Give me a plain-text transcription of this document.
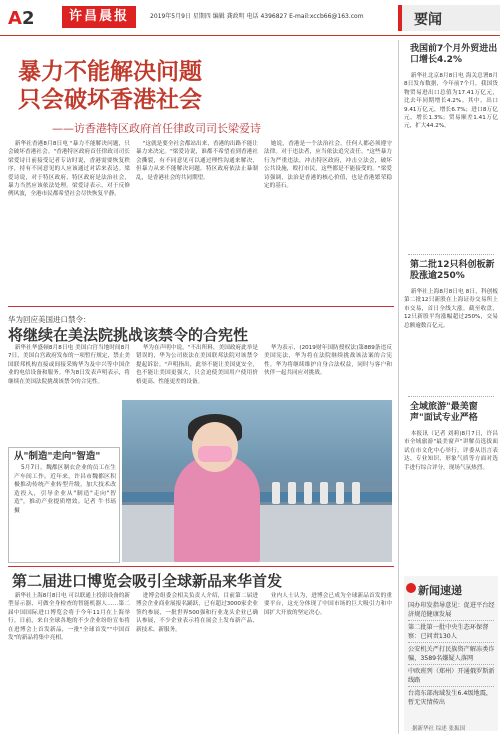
A2	许昌晨报	2019年5月9日 星期四 编辑 龚政明 电话 4396827 E-mail:xccb66@163.com	要闻
暴力不能解决问题
只会破坏香港社会
——访香港特区政府首任律政司司长梁爱诗

新华社香港8月8日电 "暴力不能解决问题，只会破坏香港社会。"香港特区政府首任律政司司长梁爱诗日前接受记者专访时说，香港需要恢复秩序，持有不同意见的人应该通过对话来表达。梁爱诗说，对于特区政府、特区政府是法治社会，暴力当然应该依法处理。梁爱诗表示，对于反修例风波，全港市民都希望社会尽快恢复平静。

"这就是要全社会都站出来，香港的出路不能让暴力来决定。"梁爱诗说，谁都不希望看到香港社会撕裂，有不同意见可以通过理性沟通来解决，但暴力从来不能解决问题。特区政府依法止暴制乱，是香港社会的共同期望。

她说，香港是一个法治社会，任何人都必须遵守法律。对于违法者，应当依法追究责任。"这些暴力行为严重违法，冲击特区政府，冲击立法会，破坏公共设施，殴打市民，这些都是不能接受的。"梁爱诗强调，法治是香港的核心价值，也是香港繁荣稳定的基石。

华为回应美国进口禁令：
将继续在美法院挑战该禁令的合宪性

新华社华盛顿8月8日电 美国白宫当地时间8月7日，美国白宫政府发布的一项暂行规定，禁止美国联邦机构直接或间接采购华为及中兴等中国企业的电信设备和服务。华为8日发表声明表示，将继续在美国法院挑战该禁令的合宪性。

华为在声明中说，"不出所料，美国政府此举是错误的，华为公司依法在美国联邦法院对该禁令提起诉讼。"声明指出，此举不能让美国更安全，也不能让美国更强大，只会迫使美国用户使用价格更高、性能更差的设备。

华为表示，(2019财年国防授权法)第889条违反美国宪法，华为将在法院继续挑战该法案的合宪性。华为将继续维护自身合法权益，同时与客户和伙伴一起共同应对挑战。

从"制造"走向"智造"

5月7日，魏都区制衣企业的员工在生产车间工作。近年来，许昌市魏都区积极推动传统产业转型升级，加大技术改造投入，引导企业从"制造"走向"智造"，推动产业提质增效。记者 牛书瑶 摄

第二届进口博览会吸引全球新品来华首发

新华社上海8月8日电 可以联通上投影设备的新型显示器、可做全身检查的智能机器人……第二届中国国际进口博览会将于今年11月在上海举行。日前，来自全球各地的不少企业纷纷宣布将在进博会上首发新品，一批"全球首发""中国首发"的新品将集中亮相。

进博会组委会相关负责人介绍，目前第二届进博会企业商业展报名踊跃，已有超过3000家企业签约参展，一批世界500强和行业龙头企业已确认参展，不少企业表示将在展会上发布新产品、新技术、新服务。

业内人士认为，进博会已成为全球新品首发的重要平台，这充分体现了中国市场的巨大吸引力和中国扩大开放的坚定决心。

我国前7个月外贸进出口增长4.2%

新华社北京8月8日电 海关总署8月8日发布数据，今年前7个月，我国货物贸易进出口总值为17.41万亿元，比去年同期增长4.2%。其中，出口9.41万亿元，增长6.7%；进口8万亿元，增长1.3%；贸易顺差1.41万亿元，扩大44.2%。

第二批12只科创板新股涨逾250%

新华社上海8月8日电 8日，科创板第二批12只新股在上海证券交易所上市交易，首日全线大涨。截至收盘，12只新股平均涨幅超过250%，交易总额逾数百亿元。

全域旅游"最美窗声"面试专业严格

本报讯（记者 刘莉)8月7日，许昌市全域旅游"最美窗声"讲解员选拔面试在市文化中心举行。评委从语言表达、专业知识、形象气质等方面对选手进行综合评分，现场气氛热烈。

新闻速递
国办印发指导意见：促进平台经济规范健康发展
第二批第一批中央生态环保督察：已问责130人
公安机关严打民族资产解冻类诈骗，3589名嫌疑人落网
中欧班列（郑州）开通俄罗斯新线路
台湾东部海域发生6.4级地震，暂无灾情传出
据新华社 综述 张振国
